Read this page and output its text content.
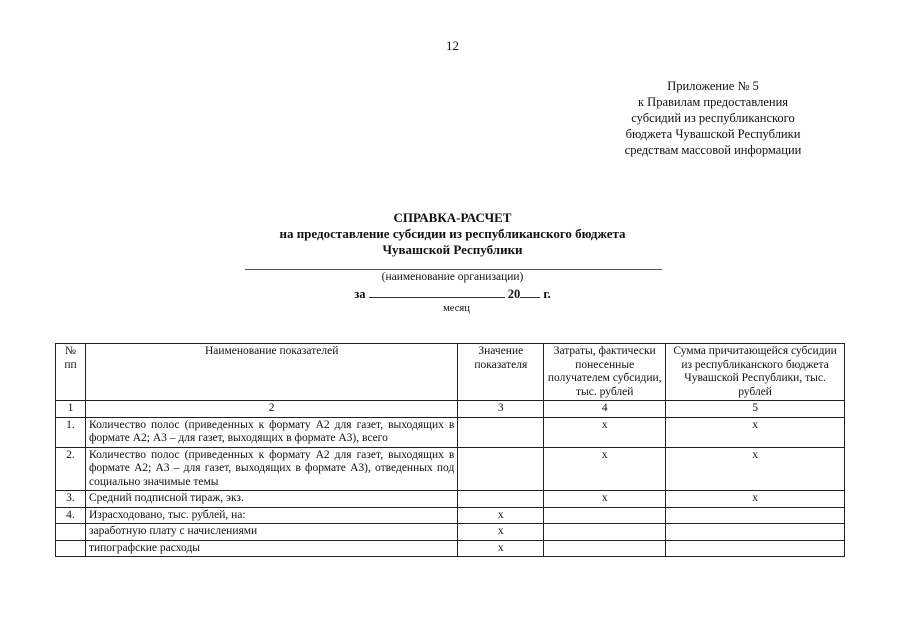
12
Приложение № 5
к Правилам предоставления
субсидий из республиканского
бюджета Чувашской Республики
средствам массовой информации
СПРАВКА-РАСЧЕТ
на предоставление субсидии из республиканского бюджета
Чувашской Республики
(наименование организации)
за	20 г.
месяц
№ пп	Наименование показателей	Значение показателя	Затраты, фактически понесенные получателем субсидии, тыс. рублей	Сумма причитающейся субсидии из республиканского бюджета Чувашской Республики, тыс. рублей
1	2	3	4	5
1.	Количество полос (приведенных к формату А2 для газет, выходящих в формате А2; А3 – для газет, выходящих в формате А3), всего		х	х
2.	Количество полос (приведенных к формату А2 для газет, выходящих в формате А2; А3 – для газет, выходящих в формате А3), отведенных под социально значимые темы		х	х
3.	Средний подписной тираж, экз.		х	х
4.	Израсходовано, тыс. рублей, на:	х		
	заработную плату с начислениями	х		
	типографские расходы	х		
